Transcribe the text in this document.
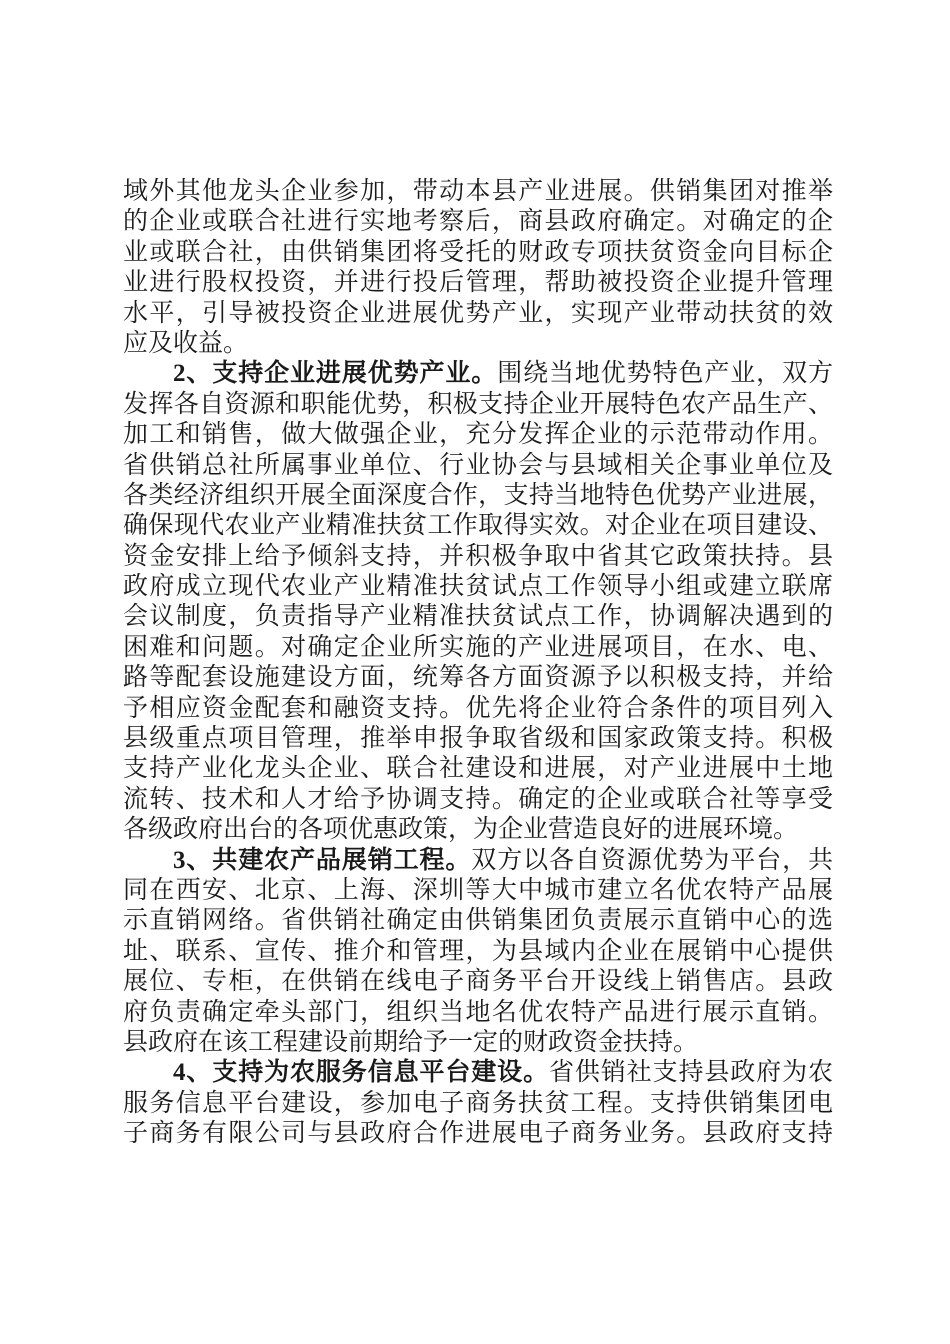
域外其他龙头企业参加，带动本县产业进展。供销集团对推举
的企业或联合社进行实地考察后，商县政府确定。对确定的企
业或联合社，由供销集团将受托的财政专项扶贫资金向目标企
业进行股权投资，并进行投后管理，帮助被投资企业提升管理
水平，引导被投资企业进展优势产业，实现产业带动扶贫的效
应及收益。
2、支持企业进展优势产业。围绕当地优势特色产业，双方
发挥各自资源和职能优势，积极支持企业开展特色农产品生产、
加工和销售，做大做强企业，充分发挥企业的示范带动作用。
省供销总社所属事业单位、行业协会与县域相关企事业单位及
各类经济组织开展全面深度合作，支持当地特色优势产业进展，
确保现代农业产业精准扶贫工作取得实效。对企业在项目建设、
资金安排上给予倾斜支持，并积极争取中省其它政策扶持。县
政府成立现代农业产业精准扶贫试点工作领导小组或建立联席
会议制度，负责指导产业精准扶贫试点工作，协调解决遇到的
困难和问题。对确定企业所实施的产业进展项目，在水、电、
路等配套设施建设方面，统筹各方面资源予以积极支持，并给
予相应资金配套和融资支持。优先将企业符合条件的项目列入
县级重点项目管理，推举申报争取省级和国家政策支持。积极
支持产业化龙头企业、联合社建设和进展，对产业进展中土地
流转、技术和人才给予协调支持。确定的企业或联合社等享受
各级政府出台的各项优惠政策，为企业营造良好的进展环境。
3、共建农产品展销工程。双方以各自资源优势为平台，共
同在西安、北京、上海、深圳等大中城市建立名优农特产品展
示直销网络。省供销社确定由供销集团负责展示直销中心的选
址、联系、宣传、推介和管理，为县域内企业在展销中心提供
展位、专柜，在供销在线电子商务平台开设线上销售店。县政
府负责确定牵头部门，组织当地名优农特产品进行展示直销。
县政府在该工程建设前期给予一定的财政资金扶持。
4、支持为农服务信息平台建设。省供销社支持县政府为农
服务信息平台建设，参加电子商务扶贫工程。支持供销集团电
子商务有限公司与县政府合作进展电子商务业务。县政府支持
